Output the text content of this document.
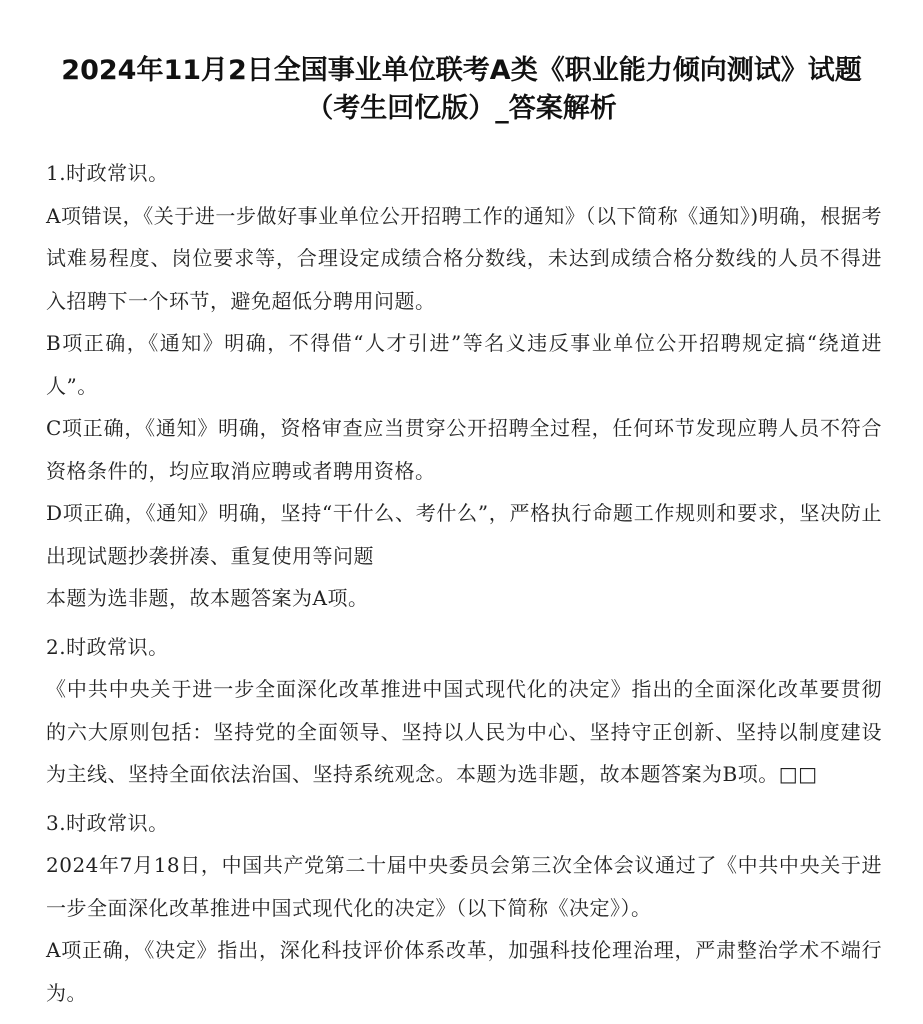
2024年11月2日全国事业单位联考A类《职业能力倾向测试》试题（考生回忆版）_答案解析

1.时政常识。

A项错误，《关于进一步做好事业单位公开招聘工作的通知》（以下简称《通知》)明确，根据考试难易程度、岗位要求等，合理设定成绩合格分数线，未达到成绩合格分数线的人员不得进入招聘下一个环节，避免超低分聘用问题。

B项正确，《通知》明确，不得借“人才引进”等名义违反事业单位公开招聘规定搞“绕道进人”。

C项正确，《通知》明确，资格审查应当贯穿公开招聘全过程，任何环节发现应聘人员不符合资格条件的，均应取消应聘或者聘用资格。

D项正确，《通知》明确，坚持“干什么、考什么”，严格执行命题工作规则和要求，坚决防止出现试题抄袭拼凑、重复使用等问题

本题为选非题，故本题答案为A项。

2.时政常识。

《中共中央关于进一步全面深化改革推进中国式现代化的决定》指出的全面深化改革要贯彻的六大原则包括：坚持党的全面领导、坚持以人民为中心、坚持守正创新、坚持以制度建设为主线、坚持全面依法治国、坚持系统观念。本题为选非题，故本题答案为B项。□□

3.时政常识。

2024年7月18日，中国共产党第二十届中央委员会第三次全体会议通过了《中共中央关于进一步全面深化改革推进中国式现代化的决定》（以下简称《决定》）。

A项正确，《决定》指出，深化科技评价体系改革，加强科技伦理治理，严肃整治学术不端行为。
